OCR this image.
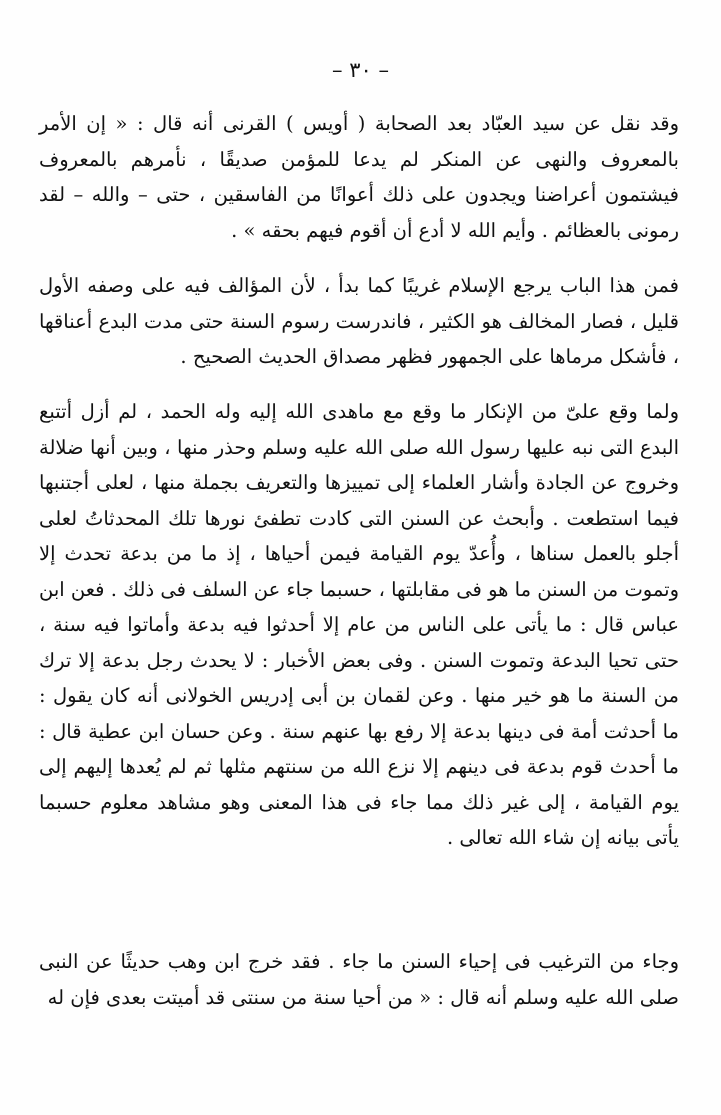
– ٣٠ –

وقد نقل عن سيد العبّاد بعد الصحابة ( أويس ) القرنى أنه قال : « إن الأمر بالمعروف والنهى عن المنكر لم يدعا للمؤمن صديقًا ، نأمرهم بالمعروف فيشتمون أعراضنا ويجدون على ذلك أعوانًا من الفاسقين ، حتى – والله – لقد رمونى بالعظائم . وأيم الله لا أدع أن أقوم فيهم بحقه » .

فمن هذا الباب يرجع الإسلام غريبًا كما بدأ ، لأن المؤالف فيه على وصفه الأول قليل ، فصار المخالف هو الكثير ، فاندرست رسوم السنة حتى مدت البدع أعناقها ، فأشكل مرماها على الجمهور فظهر مصداق الحديث الصحيح .

ولما وقع علىّ من الإنكار ما وقع مع ماهدى الله إليه وله الحمد ، لم أزل أتتبع البدع التى نبه عليها رسول الله صلى الله عليه وسلم وحذر منها ، وبين أنها ضلالة وخروج عن الجادة وأشار العلماء إلى تمييزها والتعريف بجملة منها ، لعلى أجتنبها فيما استطعت . وأبحث عن السنن التى كادت تطفئ نورها تلك المحدثاتُ لعلى أجلو بالعمل سناها ، وأُعدّ يوم القيامة فيمن أحياها ، إذ ما من بدعة تحدث إلا وتموت من السنن ما هو فى مقابلتها ، حسبما جاء عن السلف فى ذلك . فعن ابن عباس قال : ما يأتى على الناس من عام إلا أحدثوا فيه بدعة وأماتوا فيه سنة ، حتى تحيا البدعة وتموت السنن . وفى بعض الأخبار : لا يحدث رجل بدعة إلا ترك من السنة ما هو خير منها . وعن لقمان بن أبى إدريس الخولانى أنه كان يقول : ما أحدثت أمة فى دينها بدعة إلا رفع بها عنهم سنة . وعن حسان ابن عطية قال : ما أحدث قوم بدعة فى دينهم إلا نزع الله من سنتهم مثلها ثم لم يُعدها إليهم إلى يوم القيامة ، إلى غير ذلك مما جاء فى هذا المعنى وهو مشاهد معلوم حسبما يأتى بيانه إن شاء الله تعالى .

وجاء من الترغيب فى إحياء السنن ما جاء . فقد خرج ابن وهب حديثًا عن النبى صلى الله عليه وسلم أنه قال : « من أحيا سنة من سنتى قد أميتت بعدى فإن له
